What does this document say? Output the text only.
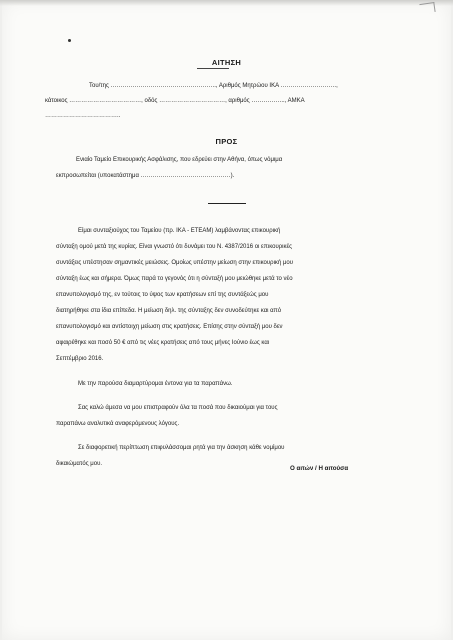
ΑΙΤΗΣΗ
Του/της …………………………………………….., Αριθμός Μητρώου ΙΚΑ ……………………….,
κάτοικος ………………………………, οδός ……………………………, αριθμός …………….., ΑΜΚΑ
………………………………..
ΠΡΟΣ
Ενιαίο Ταμείο Επικουρικής Ασφάλισης, που εδρεύει στην Αθήνα, όπως νόμιμα
εκπροσωπείται (υποκατάστημα ………………………………………).
Είμαι συνταξιούχος του Ταμείου (πρ. ΙΚΑ - ΕΤΕΑΜ) λαμβάνοντας επικουρική
σύνταξη ομού μετά της κυρίας. Είναι γνωστό ότι δυνάμει του Ν. 4387/2016 οι επικουρικές
συντάξεις υπέστησαν σημαντικές μειώσεις. Ομοίως υπέστην μείωση στην επικουρική μου
σύνταξη έως και σήμερα. Όμως παρά το γεγονός ότι η σύνταξή μου μειώθηκε μετά το νέο
επανυπολογισμό της, εν τούτοις το ύψος των κρατήσεων επί της συντάξεώς μου
διατηρήθηκε στα ίδια επίπεδα. Η μείωση δηλ. της σύνταξης δεν συνοδεύτηκε και από
επανυπολογισμό και αντίστοιχη μείωση στις κρατήσεις. Επίσης στην σύνταξή μου δεν
αφαιρέθηκε και ποσό 50 € από τις νέες κρατήσεις από τους μήνες Ιούνιο έως και
Σεπτέμβριο 2016.
Με την παρούσα διαμαρτύρομαι έντονα για τα παραπάνω.
Σας καλώ άμεσα να μου επιστραφούν όλα τα ποσά που δικαιούμαι για τους
παραπάνω αναλυτικά αναφερόμενους λόγους.
Σε διαφορετική περίπτωση επιφυλάσσομαι ρητά για την άσκηση κάθε νομίμου
δικαιώματός μου.
Ο αιτών / Η αιτούσα
